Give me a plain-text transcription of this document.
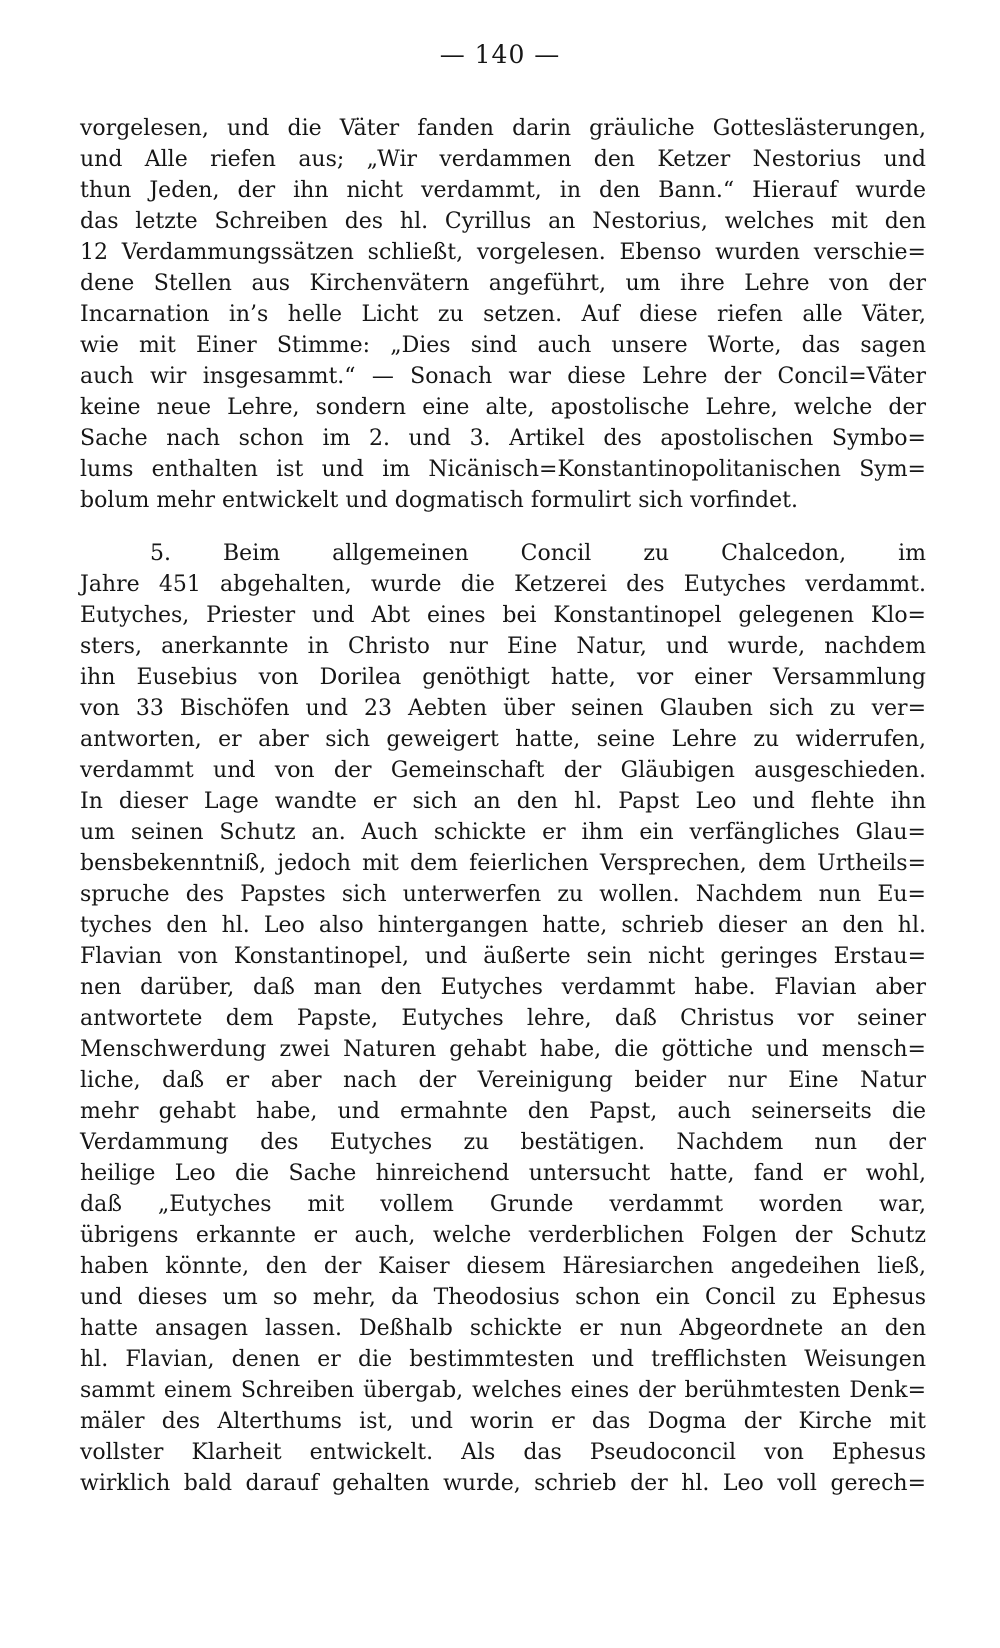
— 140 —
vorgelesen, und die Väter fanden darin gräuliche Gotteslästerungen,
und Alle riefen aus; „Wir verdammen den Ketzer Nestorius und
thun Jeden, der ihn nicht verdammt, in den Bann.“ Hierauf wurde
das letzte Schreiben des hl. Cyrillus an Nestorius, welches mit den
12 Verdammungssätzen schließt, vorgelesen. Ebenso wurden verschie=
dene Stellen aus Kirchenvätern angeführt, um ihre Lehre von der
Incarnation in’s helle Licht zu setzen. Auf diese riefen alle Väter,
wie mit Einer Stimme: „Dies sind auch unsere Worte, das sagen
auch wir insgesammt.“ — Sonach war diese Lehre der Concil=Väter
keine neue Lehre, sondern eine alte, apostolische Lehre, welche der
Sache nach schon im 2. und 3. Artikel des apostolischen Symbo=
lums enthalten ist und im Nicänisch=Konstantinopolitanischen Sym=
bolum mehr entwickelt und dogmatisch formulirt sich vorfindet.
5. Beim allgemeinen Concil zu Chalcedon, im
Jahre 451 abgehalten, wurde die Ketzerei des Eutyches verdammt.
Eutyches, Priester und Abt eines bei Konstantinopel gelegenen Klo=
sters, anerkannte in Christo nur Eine Natur, und wurde, nachdem
ihn Eusebius von Dorilea genöthigt hatte, vor einer Versammlung
von 33 Bischöfen und 23 Aebten über seinen Glauben sich zu ver=
antworten, er aber sich geweigert hatte, seine Lehre zu widerrufen,
verdammt und von der Gemeinschaft der Gläubigen ausgeschieden.
In dieser Lage wandte er sich an den hl. Papst Leo und flehte ihn
um seinen Schutz an. Auch schickte er ihm ein verfängliches Glau=
bensbekenntniß, jedoch mit dem feierlichen Versprechen, dem Urtheils=
spruche des Papstes sich unterwerfen zu wollen. Nachdem nun Eu=
tyches den hl. Leo also hintergangen hatte, schrieb dieser an den hl.
Flavian von Konstantinopel, und äußerte sein nicht geringes Erstau=
nen darüber, daß man den Eutyches verdammt habe. Flavian aber
antwortete dem Papste, Eutyches lehre, daß Christus vor seiner
Menschwerdung zwei Naturen gehabt habe, die göttiche und mensch=
liche, daß er aber nach der Vereinigung beider nur Eine Natur
mehr gehabt habe, und ermahnte den Papst, auch seinerseits die
Verdammung des Eutyches zu bestätigen. Nachdem nun der
heilige Leo die Sache hinreichend untersucht hatte, fand er wohl,
daß „Eutyches mit vollem Grunde verdammt worden war,
übrigens erkannte er auch, welche verderblichen Folgen der Schutz
haben könnte, den der Kaiser diesem Häresiarchen angedeihen ließ,
und dieses um so mehr, da Theodosius schon ein Concil zu Ephesus
hatte ansagen lassen. Deßhalb schickte er nun Abgeordnete an den
hl. Flavian, denen er die bestimmtesten und trefflichsten Weisungen
sammt einem Schreiben übergab, welches eines der berühmtesten Denk=
mäler des Alterthums ist, und worin er das Dogma der Kirche mit
vollster Klarheit entwickelt. Als das Pseudoconcil von Ephesus
wirklich bald darauf gehalten wurde, schrieb der hl. Leo voll gerech=
